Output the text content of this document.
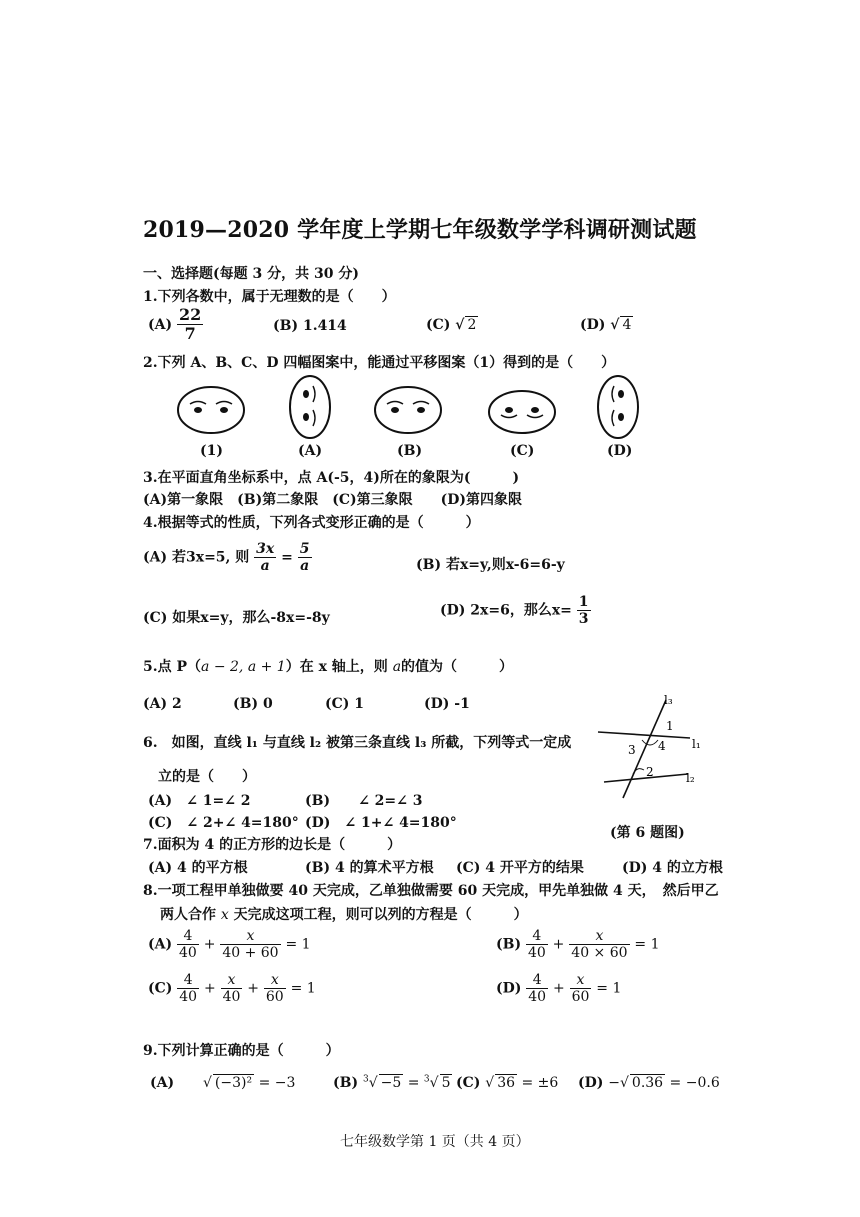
2019—2020 学年度上学期七年级数学学科调研测试题
一、选择题(每题 3 分，共 30 分)
1.下列各数中，属于无理数的是（　　）
$(A) \frac{22}{7}$	(B) 1.414	(C) √ 2	(D) √ 4
2.下列 A、B、C、D 四幅图案中，能通过平移图案（1）得到的是（　　）
(1)	(A)	(B)	(C)	(D)
3.在平面直角坐标系中，点 A(-5，4)所在的象限为(　　　)
(A)第一象限　(B)第二象限　(C)第三象限　　(D)第四象限
4.根据等式的性质，下列各式变形正确的是（　　　）
(A) 若3x=5, 则 $\frac{3x}{a} = \frac{5}{a}$	(B) 若x=y,则x-6=6-y
(C) 如果x=y，那么-8x=-8y	(D) 2x=6，那么$x= \frac{1}{3}$
5.点 P（a − 2, a + 1）在 x 轴上，则 a的值为（　　　）
(A) 2	(B) 0	(C) 1	(D) -1
6.　如图，直线 l₁ 与直线 l₂ 被第三条直线 l₃ 所截，下列等式一定成
立的是（　　）
(A)　∠ 1=∠ 2	(B)　　∠ 2=∠ 3
(C)　∠ 2+∠ 4=180° (D)　∠ 1+∠ 4=180°
l₁
l₂
l₃
1
2
3 4
(第 6 题图)
7.面积为 4 的正方形的边长是（　　　）
(A) 4 的平方根	(B) 4 的算术平方根 (C) 4 开平方的结果	(D) 4 的立方根
8.一项工程甲单独做要 40 天完成，乙单独做需要 60 天完成，甲先单独做 4 天，　然后甲乙
两人合作 x 天完成这项工程，则可以列的方程是（　　　）
$(A) \frac{4}{40} + \frac{x}{40 + 60} = 1$	$(B) \frac{4}{40} + \frac{x}{40 \times 60} = 1$
$(C) \frac{4}{40} + \frac{x}{40} + \frac{x}{60} = 1$	$(D) \frac{4}{40} + \frac{x}{60} = 1$
9.下列计算正确的是（　　　）
(A) √ (−3)² = −3	(B) $^3$√ −5 = $^3$√ 5 (C) √ 36 = ±6 (D) −√ 0.36 = −0.6
七年级数学第 1 页（共 4 页）
